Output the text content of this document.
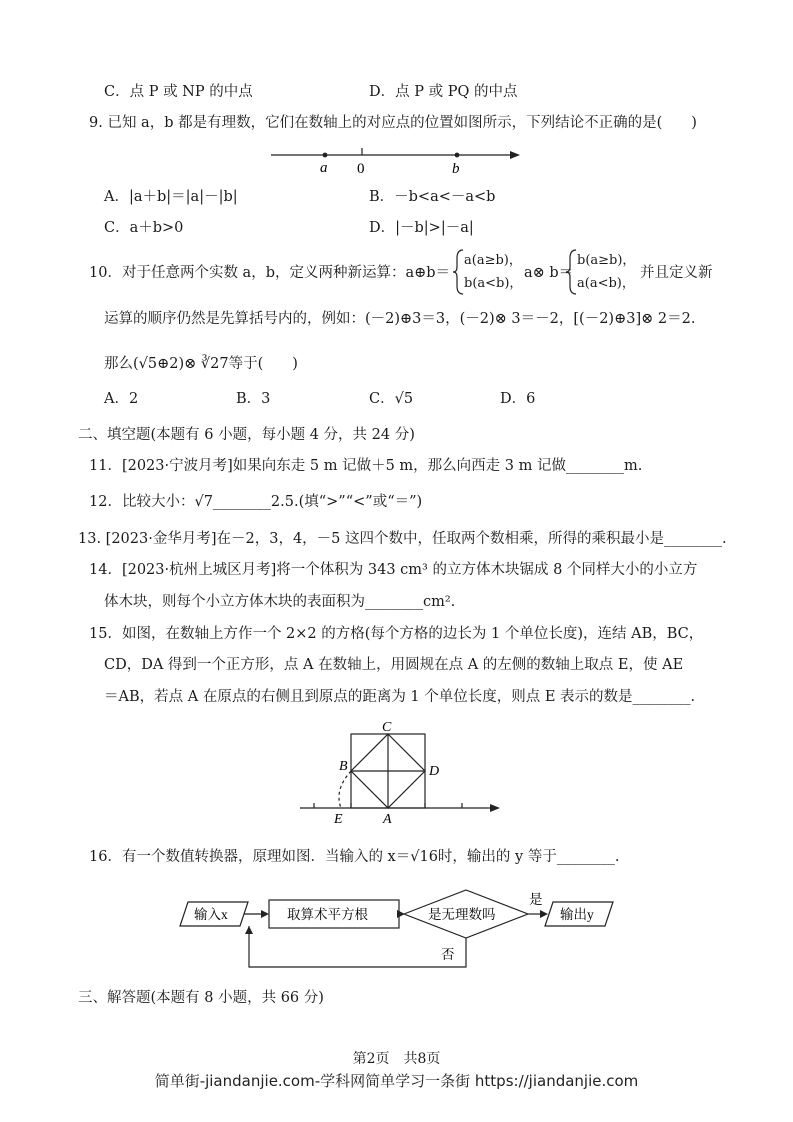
C．点 P 或 NP 的中点	D．点 P 或 PQ 的中点
9. 已知 a，b 都是有理数，它们在数轴上的对应点的位置如图所示，下列结论不正确的是(　　)
a 0	b
A．|a＋b|＝|a|－|b|	B．－b<a<－a<b
C．a＋b>0	D．|－b|>|－a|
10．对于任意两个实数 a，b，定义两种新运算：a⊕b＝
a(a≥b)，
b(a<b)，
a⊗ b＝
b(a≥b)，
a(a<b)，
并且定义新
运算的顺序仍然是先算括号内的，例如：(－2)⊕3＝3，(－2)⊗ 3＝－2，[(－2)⊕3]⊗ 2＝2.
那么(√5⊕2)⊗ ∛27等于(　　)
A．2	B．3	C．√5	D．6
二、填空题(本题有 6 小题，每小题 4 分，共 24 分)
11．[2023·宁波月考]如果向东走 5 m 记做＋5 m，那么向西走 3 m 记做________m.
12．比较大小：√7________2.5.(填“>”“<”或“＝”)
13. [2023·金华月考]在－2，3，4，－5 这四个数中，任取两个数相乘，所得的乘积最小是________.
14．[2023·杭州上城区月考]将一个体积为 343 cm³ 的立方体木块锯成 8 个同样大小的小立方
体木块，则每个小立方体木块的表面积为________cm².
15．如图，在数轴上方作一个 2×2 的方格(每个方格的边长为 1 个单位长度)，连结 AB，BC，
CD，DA 得到一个正方形，点 A 在数轴上，用圆规在点 A 的左侧的数轴上取点 E，使 AE
＝AB，若点 A 在原点的右侧且到原点的距离为 1 个单位长度，则点 E 表示的数是________.
C
B	D
E	A
16．有一个数值转换器，原理如图．当输入的 x＝√16时，输出的 y 等于________.
输入x	取算术平方根	是无理数吗
是
否
输出y
三、解答题(本题有 8 小题，共 66 分)
第2页　共8页
简单街-jiandanjie.com-学科网简单学习一条街 https://jiandanjie.com
